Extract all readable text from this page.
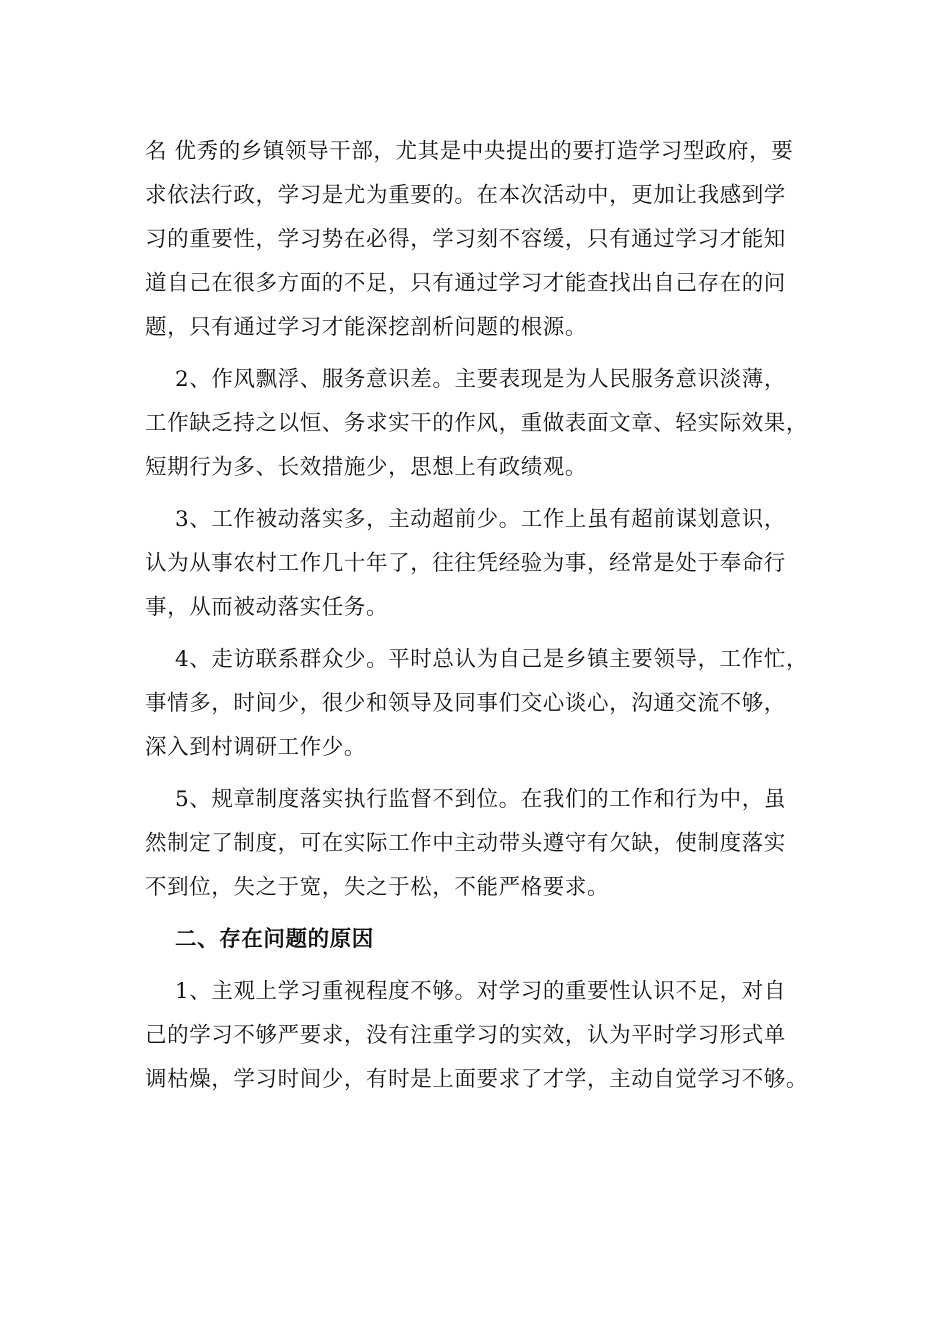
名 优秀的乡镇领导干部，尤其是中央提出的要打造学习型政府，要
求依法行政，学习是尤为重要的。在本次活动中，更加让我感到学
习的重要性，学习势在必得，学习刻不容缓，只有通过学习才能知
道自己在很多方面的不足，只有通过学习才能查找出自己存在的问
题，只有通过学习才能深挖剖析问题的根源。
2、作风飘浮、服务意识差。主要表现是为人民服务意识淡薄，
工作缺乏持之以恒、务求实干的作风，重做表面文章、轻实际效果，
短期行为多、长效措施少，思想上有政绩观。
3、工作被动落实多，主动超前少。工作上虽有超前谋划意识，
认为从事农村工作几十年了，往往凭经验为事，经常是处于奉命行
事，从而被动落实任务。
4、走访联系群众少。平时总认为自己是乡镇主要领导，工作忙，
事情多，时间少，很少和领导及同事们交心谈心，沟通交流不够，
深入到村调研工作少。
5、规章制度落实执行监督不到位。在我们的工作和行为中，虽
然制定了制度，可在实际工作中主动带头遵守有欠缺，使制度落实
不到位，失之于宽，失之于松，不能严格要求。
二、存在问题的原因
1、主观上学习重视程度不够。对学习的重要性认识不足，对自
己的学习不够严要求，没有注重学习的实效，认为平时学习形式单
调枯燥，学习时间少，有时是上面要求了才学，主动自觉学习不够。
